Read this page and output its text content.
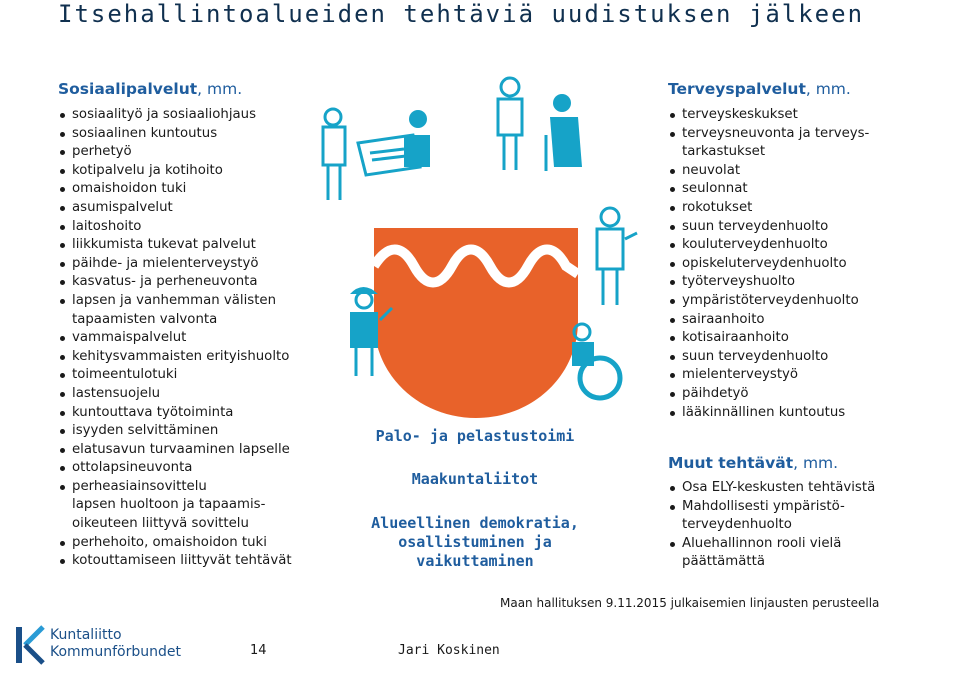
Itsehallintoalueiden tehtäviä uudistuksen jälkeen
Sosiaalipalvelut, mm.
sosiaalityö ja sosiaaliohjaus
sosiaalinen kuntoutus
perhetyö
kotipalvelu ja kotihoito
omaishoidon tuki
asumispalvelut
laitoshoito
liikkumista tukevat palvelut
päihde- ja mielenterveystyö
kasvatus- ja perheneuvonta
lapsen ja vanhemman välisten
tapaamisten valvonta
vammaispalvelut
kehitysvammaisten erityishuolto
toimeentulotuki
lastensuojelu
kuntouttava työtoiminta
isyyden selvittäminen
elatusavun turvaaminen lapselle
ottolapsineuvonta
perheasiainsovittelu
lapsen huoltoon ja tapaamis-
oikeuteen liittyvä sovittelu
perhehoito, omaishoidon tuki
kotouttamiseen liittyvät tehtävät
Terveyspalvelut, mm.
terveyskeskukset
terveysneuvonta ja terveys-
tarkastukset
neuvolat
seulonnat
rokotukset
suun terveydenhuolto
kouluterveydenhuolto
opiskeluterveydenhuolto
työterveyshuolto
ympäristöterveydenhuolto
sairaanhoito
kotisairaanhoito
suun terveydenhuolto
mielenterveystyö
päihdetyö
lääkinnällinen kuntoutus
Muut tehtävät, mm.
Osa ELY-keskusten tehtävistä
Mahdollisesti ympäristö-
terveydenhuolto
Aluehallinnon rooli vielä
päättämättä
Palo- ja pelastustoimi
Maakuntaliitot
Alueellinen demokratia,
osallistuminen ja
vaikuttaminen
Maan hallituksen 9.11.2015 julkaisemien linjausten perusteella
Kuntaliitto
Kommunförbundet	14	Jari Koskinen
